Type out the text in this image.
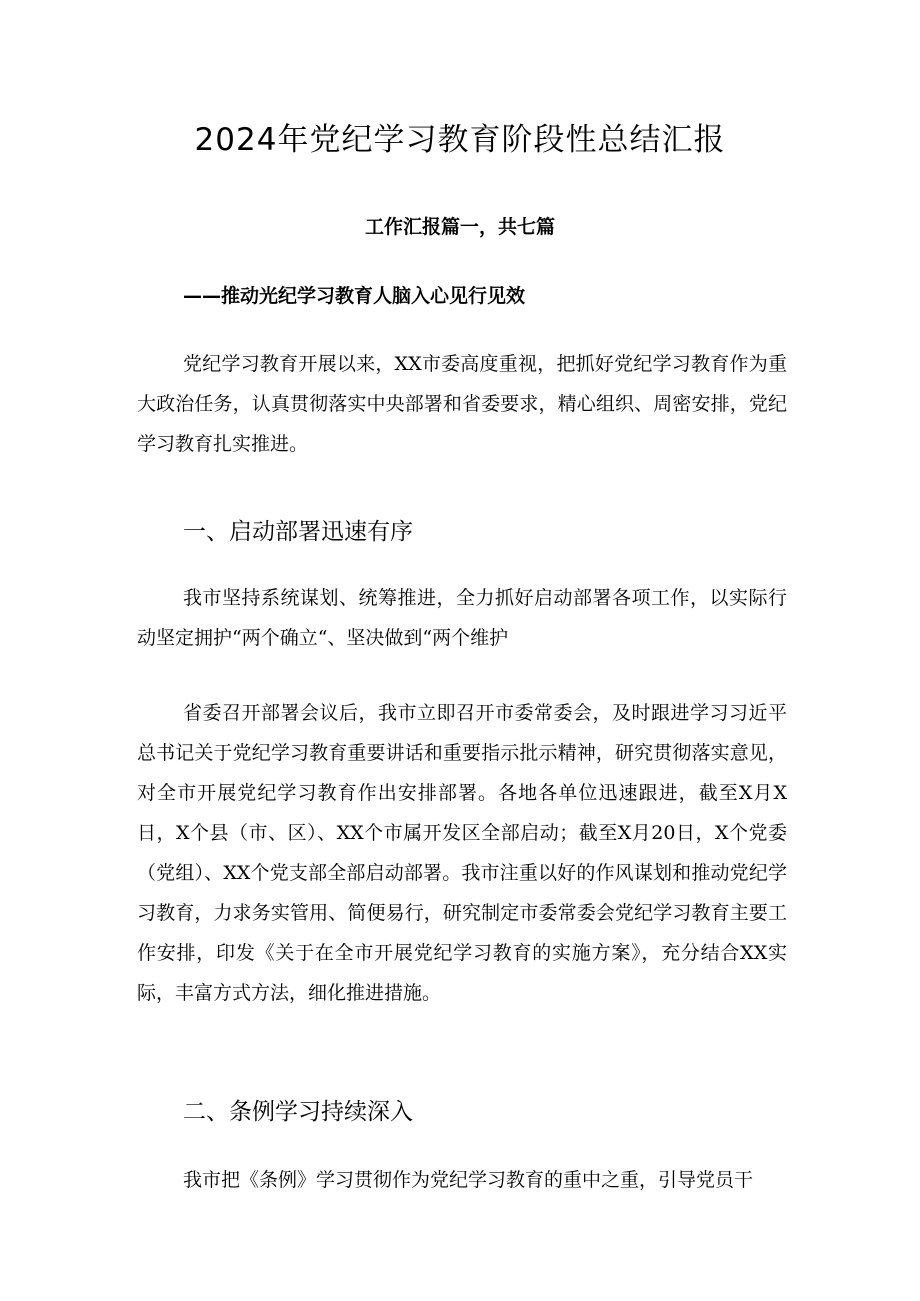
2024年党纪学习教育阶段性总结汇报
工作汇报篇一，共七篇
——推动光纪学习教育人脑入心见行见效

党纪学习教育开展以来，XX市委高度重视，把抓好党纪学习教育作为重大政治任务，认真贯彻落实中央部署和省委要求，精心组织、周密安排，党纪学习教育扎实推进。

一、启动部署迅速有序

我市坚持系统谋划、统筹推进，全力抓好启动部署各项工作，以实际行动坚定拥护“两个确立“、坚决做到“两个维护

省委召开部署会议后，我市立即召开市委常委会，及时跟进学习习近平总书记关于党纪学习教育重要讲话和重要指示批示精神，研究贯彻落实意见，对全市开展党纪学习教育作出安排部署。各地各单位迅速跟进，截至X月X日，X个县（市、区）、XX个市属开发区全部启动；截至X月20日，X个党委（党组）、XX个党支部全部启动部署。我市注重以好的作风谋划和推动党纪学习教育，力求务实管用、简便易行，研究制定市委常委会党纪学习教育主要工作安排，印发《关于在全市开展党纪学习教育的实施方案》，充分结合XX实际，丰富方式方法，细化推进措施。

二、条例学习持续深入

我市把《条例》学习贯彻作为党纪学习教育的重中之重，引导党员干
